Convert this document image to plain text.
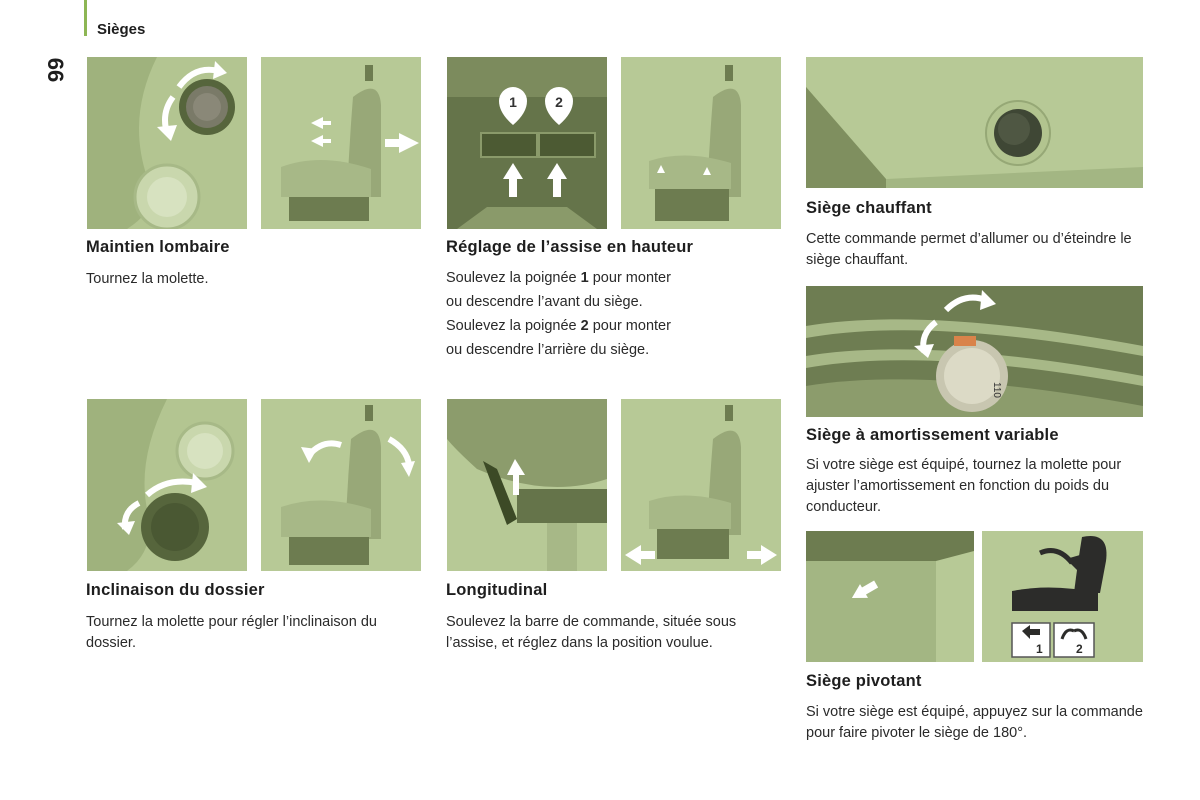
Sièges
66
Maintien lombaire
Tournez la molette.
1	2
Réglage de l’assise en hauteur

Soulevez la poignée 1 pour monter

ou descendre l’avant du siège.

Soulevez la poignée 2 pour monter

ou descendre l’arrière du siège.

Inclinaison du dossier
Tournez la molette pour régler l’inclinaison du dossier.
Longitudinal
Soulevez la barre de commande, située sous l’assise, et réglez dans la position voulue.
Siège chauffant
Cette commande permet d’allumer ou d’éteindre le siège chauffant.
110
Siège à amortissement variable
Si votre siège est équipé, tournez la molette pour ajuster l’amortissement en fonction du poids du conducteur.
1	2
Siège pivotant
Si votre siège est équipé, appuyez sur la commande pour faire pivoter le siège de 180°.
